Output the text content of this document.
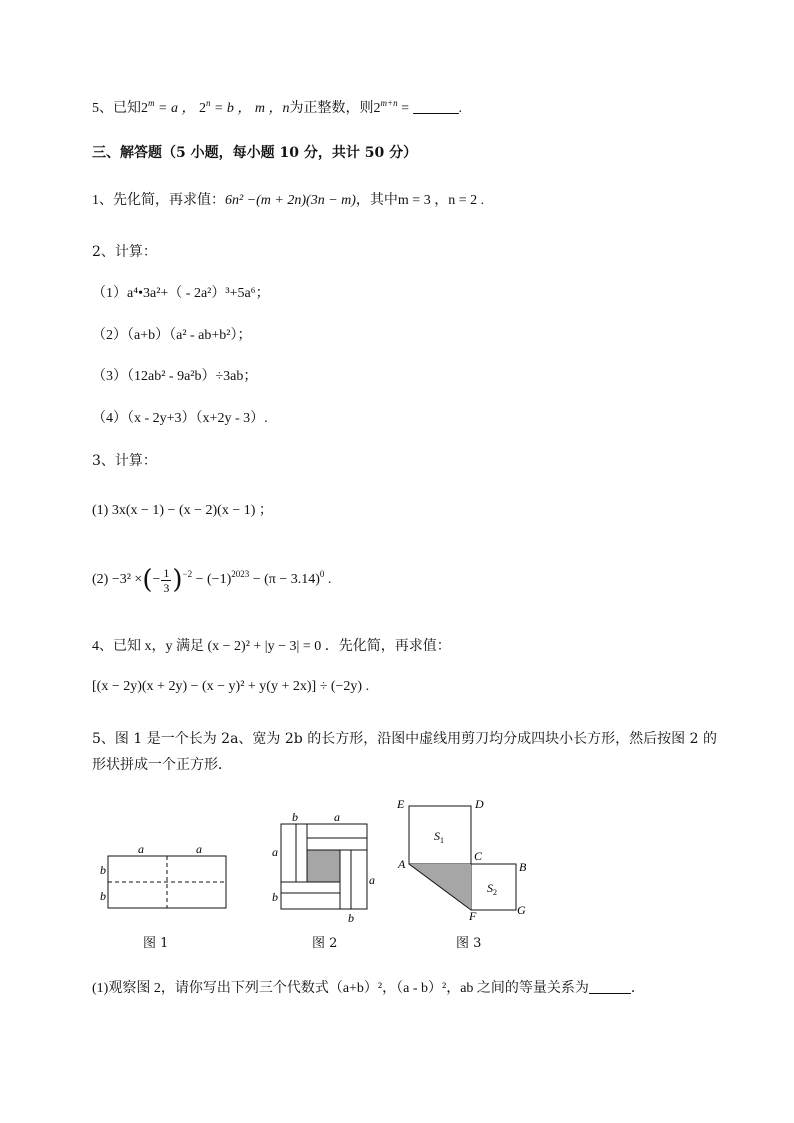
5、已知$2^m = a$ ， $2^n = b$ ， m ，n为正整数，则$2^{m+n}$ =	.
三、解答题（5 小题，每小题 10 分，共计 50 分）
1、先化简，再求值：6n² −(m + 2n)(3n − m)，其中m = 3 ，n = 2 .
2、计算：
（1）a⁴•3a²+（ - 2a²）³+5a⁶；
（2）（a+b）（a² - ab+b²）；
（3）（12ab² - 9a²b）÷3ab；
（4）（x - 2y+3）（x+2y - 3）.
3、计算：
(1) 3x(x − 1) − (x − 2)(x − 1) ；
(2) −3² ×(− $\frac{1}{3} )^{-2} - (-1)^{2023} - (\pi - 3.14)^0$ .
4、已知 x，y 满足 (x − 2)² + |y − 3| = 0 ．先化简，再求值：
[(x − 2y)(x + 2y) − (x − y)² + y(y + 2x)] ÷ (−2y) .
5、图 1 是一个长为 2a、宽为 2b 的长方形，沿图中虚线用剪刀均分成四块小长方形，然后按图 2 的
形状拼成一个正方形．
a	a
b
b
图 1
b	a
a
b
a
b
图 2
E	D
A
C
B
F	G
$S_1$
$S_2$
图 3
(1)观察图 2，请你写出下列三个代数式（a+b）²，（a - b）²，ab 之间的等量关系为	．
